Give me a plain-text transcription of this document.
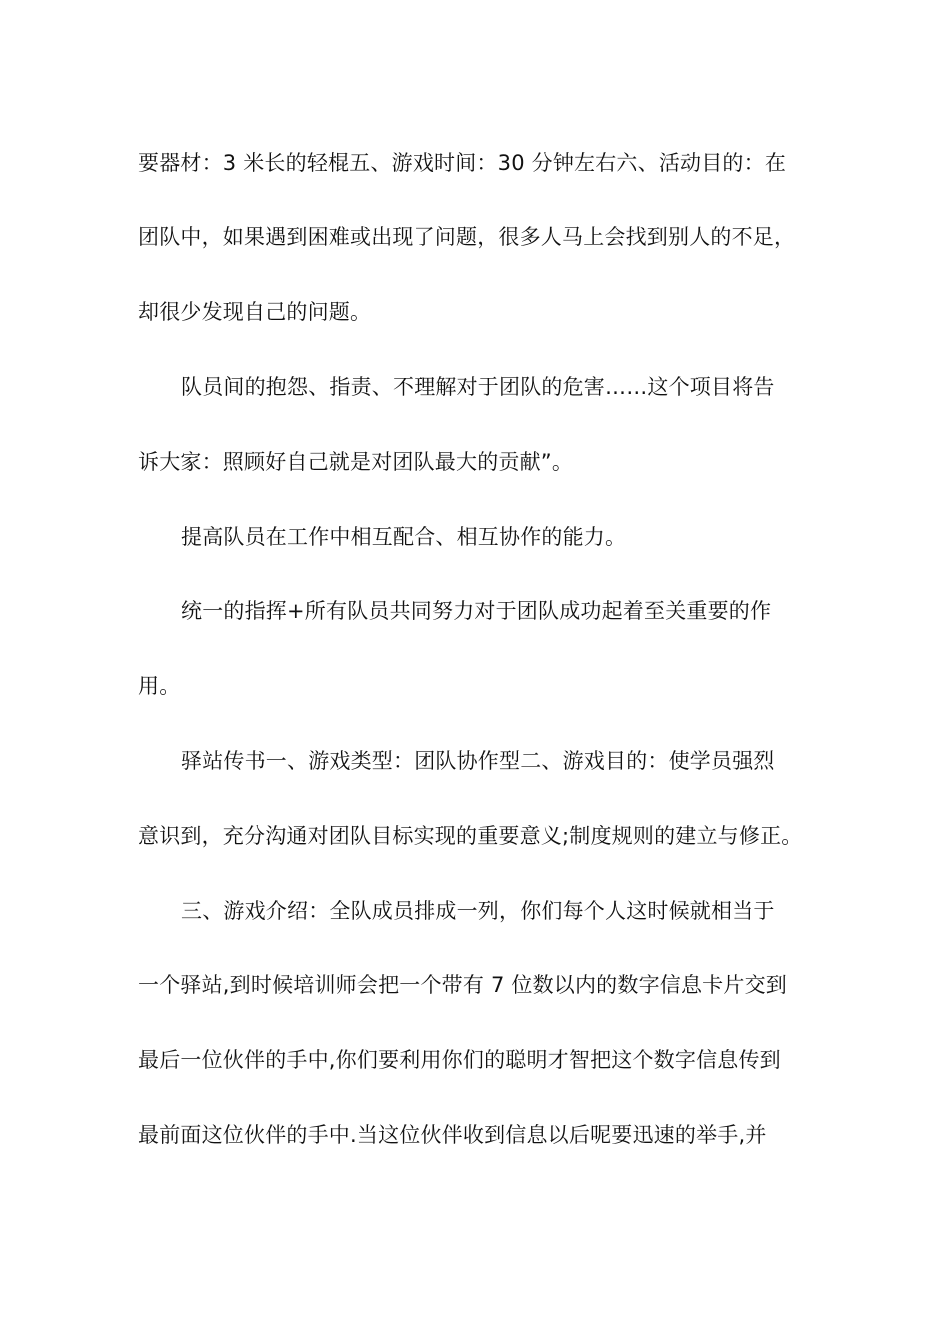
要器材：3 米长的轻棍五、游戏时间：30 分钟左右六、活动目的：在
团队中，如果遇到困难或出现了问题，很多人马上会找到别人的不足，
却很少发现自己的问题。
队员间的抱怨、指责、不理解对于团队的危害……这个项目将告
诉大家：照顾好自己就是对团队最大的贡献”。
提高队员在工作中相互配合、相互协作的能力。
统一的指挥+所有队员共同努力对于团队成功起着至关重要的作
用。
驿站传书一、游戏类型：团队协作型二、游戏目的：使学员强烈
意识到，充分沟通对团队目标实现的重要意义;制度规则的建立与修正。
三、游戏介绍：全队成员排成一列，你们每个人这时候就相当于
一个驿站,到时候培训师会把一个带有 7 位数以内的数字信息卡片交到
最后一位伙伴的手中,你们要利用你们的聪明才智把这个数字信息传到
最前面这位伙伴的手中.当这位伙伴收到信息以后呢要迅速的举手,并
